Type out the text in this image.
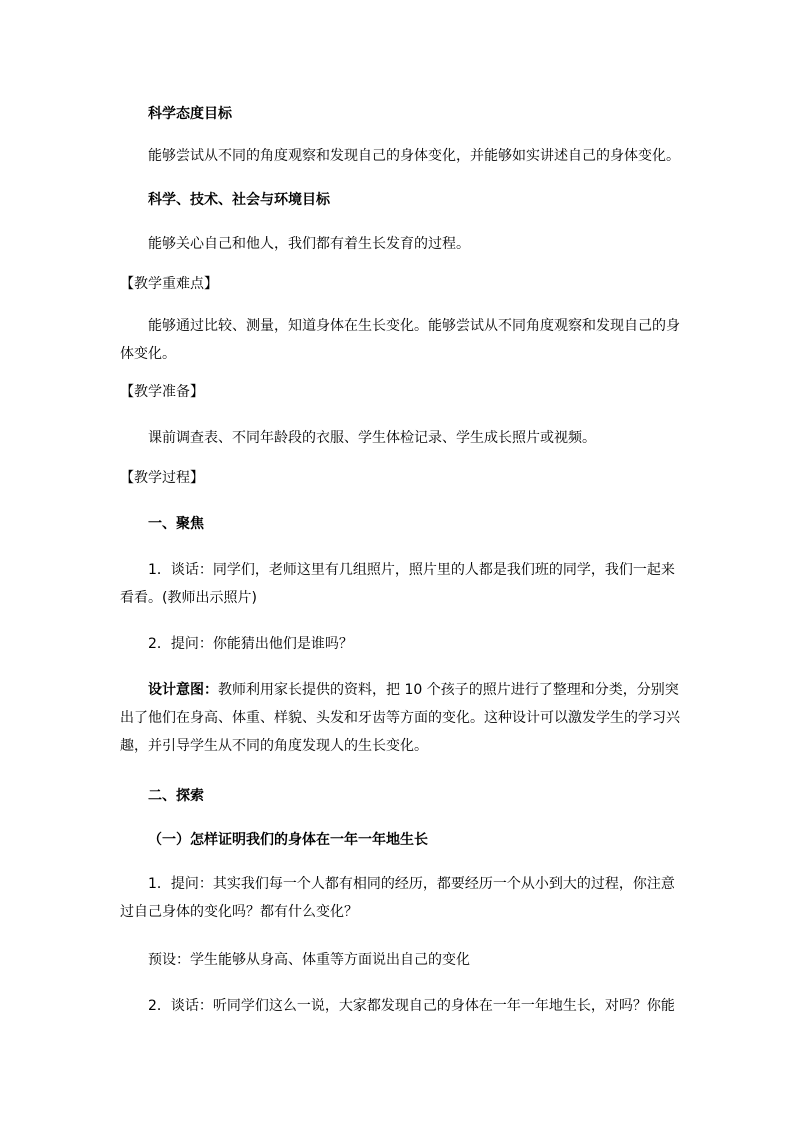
科学态度目标

能够尝试从不同的角度观察和发现自己的身体变化，并能够如实讲述自己的身体变化。

科学、技术、社会与环境目标

能够关心自己和他人，我们都有着生长发育的过程。

【教学重难点】

能够通过比较、测量，知道身体在生长变化。能够尝试从不同角度观察和发现自己的身体变化。

【教学准备】

课前调查表、不同年龄段的衣服、学生体检记录、学生成长照片或视频。

【教学过程】

一、聚焦

1．谈话：同学们，老师这里有几组照片，照片里的人都是我们班的同学，我们一起来看看。(教师出示照片)

2．提问：你能猜出他们是谁吗？

设计意图：教师利用家长提供的资料，把 10 个孩子的照片进行了整理和分类，分别突出了他们在身高、体重、样貌、头发和牙齿等方面的变化。这种设计可以激发学生的学习兴趣，并引导学生从不同的角度发现人的生长变化。

二、探索

（一）怎样证明我们的身体在一年一年地生长

1．提问：其实我们每一个人都有相同的经历，都要经历一个从小到大的过程，你注意过自己身体的变化吗？都有什么变化？

预设：学生能够从身高、体重等方面说出自己的变化

2．谈话：听同学们这么一说，大家都发现自己的身体在一年一年地生长，对吗？你能
